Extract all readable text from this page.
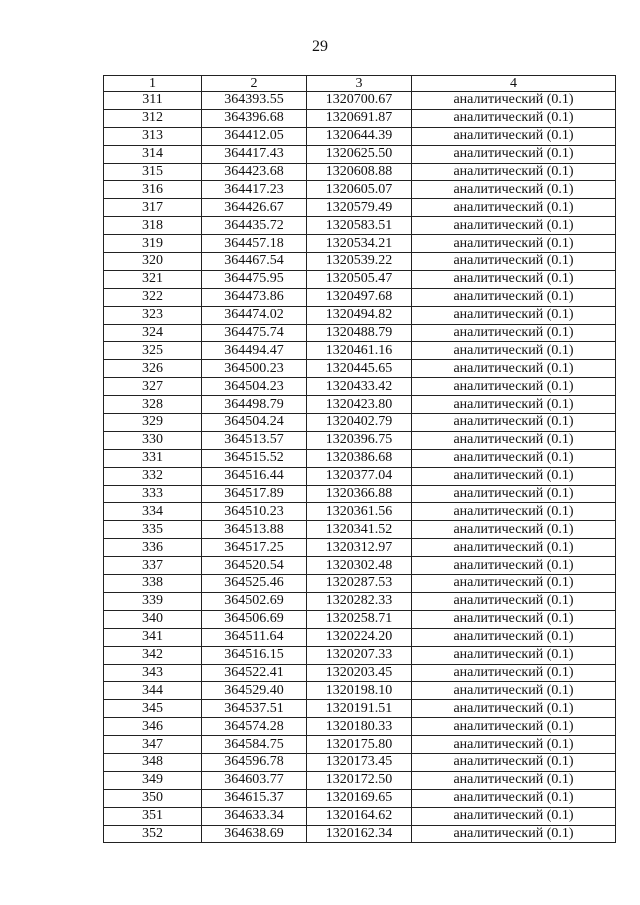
29
1	2	3	4
311	364393.55	1320700.67	аналитический (0.1)
312	364396.68	1320691.87	аналитический (0.1)
313	364412.05	1320644.39	аналитический (0.1)
314	364417.43	1320625.50	аналитический (0.1)
315	364423.68	1320608.88	аналитический (0.1)
316	364417.23	1320605.07	аналитический (0.1)
317	364426.67	1320579.49	аналитический (0.1)
318	364435.72	1320583.51	аналитический (0.1)
319	364457.18	1320534.21	аналитический (0.1)
320	364467.54	1320539.22	аналитический (0.1)
321	364475.95	1320505.47	аналитический (0.1)
322	364473.86	1320497.68	аналитический (0.1)
323	364474.02	1320494.82	аналитический (0.1)
324	364475.74	1320488.79	аналитический (0.1)
325	364494.47	1320461.16	аналитический (0.1)
326	364500.23	1320445.65	аналитический (0.1)
327	364504.23	1320433.42	аналитический (0.1)
328	364498.79	1320423.80	аналитический (0.1)
329	364504.24	1320402.79	аналитический (0.1)
330	364513.57	1320396.75	аналитический (0.1)
331	364515.52	1320386.68	аналитический (0.1)
332	364516.44	1320377.04	аналитический (0.1)
333	364517.89	1320366.88	аналитический (0.1)
334	364510.23	1320361.56	аналитический (0.1)
335	364513.88	1320341.52	аналитический (0.1)
336	364517.25	1320312.97	аналитический (0.1)
337	364520.54	1320302.48	аналитический (0.1)
338	364525.46	1320287.53	аналитический (0.1)
339	364502.69	1320282.33	аналитический (0.1)
340	364506.69	1320258.71	аналитический (0.1)
341	364511.64	1320224.20	аналитический (0.1)
342	364516.15	1320207.33	аналитический (0.1)
343	364522.41	1320203.45	аналитический (0.1)
344	364529.40	1320198.10	аналитический (0.1)
345	364537.51	1320191.51	аналитический (0.1)
346	364574.28	1320180.33	аналитический (0.1)
347	364584.75	1320175.80	аналитический (0.1)
348	364596.78	1320173.45	аналитический (0.1)
349	364603.77	1320172.50	аналитический (0.1)
350	364615.37	1320169.65	аналитический (0.1)
351	364633.34	1320164.62	аналитический (0.1)
352	364638.69	1320162.34	аналитический (0.1)
